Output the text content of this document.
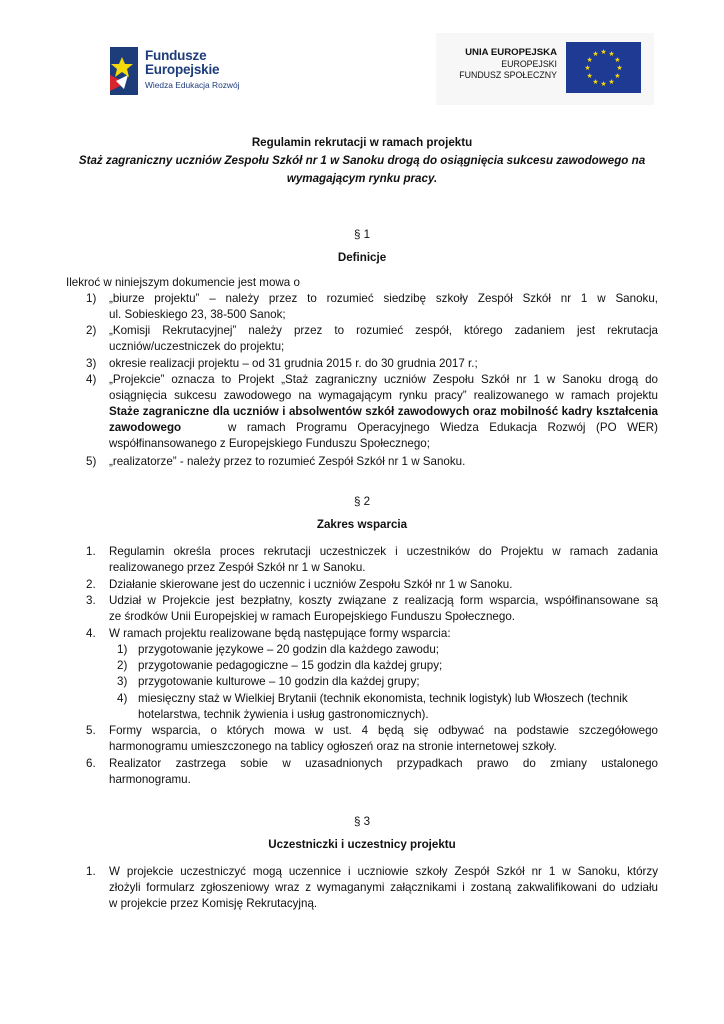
Fundusze
Europejskie
Wiedza Edukacja Rozwój
UNIA EUROPEJSKA
EUROPEJSKI
FUNDUSZ SPOŁECZNY
★ ★
★
★
★
★
★
★
★
★
★
★
Regulamin rekrutacji w ramach projektu
Staż zagraniczny uczniów Zespołu Szkół nr 1 w Sanoku drogą do osiągnięcia sukcesu zawodowego na
wymagającym rynku pracy.
§ 1
Definicje
Ilekroć w niniejszym dokumencie jest mowa o
1) „biurze projektu” – należy przez to rozumieć siedzibę szkoły Zespół Szkół nr 1 w Sanoku,
ul. Sobieskiego 23, 38-500 Sanok;
2) „Komisji Rekrutacyjnej” należy przez to rozumieć zespół, którego zadaniem jest rekrutacja
uczniów/uczestniczek do projektu;
3) okresie realizacji projektu – od 31 grudnia 2015 r. do 30 grudnia 2017 r.;
4) „Projekcie” oznacza to Projekt „Staż zagraniczny uczniów Zespołu Szkół nr 1 w Sanoku drogą do
osiągnięcia sukcesu zawodowego na wymagającym rynku pracy” realizowanego w ramach projektu
Staże zagraniczne dla uczniów i absolwentów szkół zawodowych oraz mobilność kadry kształcenia
zawodowego	w ramach Programu Operacyjnego Wiedza Edukacja Rozwój (PO WER)
współfinansowanego z Europejskiego Funduszu Społecznego;
5) „realizatorze” - należy przez to rozumieć Zespół Szkół nr 1 w Sanoku.
§ 2
Zakres wsparcia
1. Regulamin określa proces rekrutacji uczestniczek i uczestników do Projektu w ramach zadania
realizowanego przez Zespół Szkół nr 1 w Sanoku.
2. Działanie skierowane jest do uczennic i uczniów Zespołu Szkół nr 1 w Sanoku.
3. Udział w Projekcie jest bezpłatny, koszty związane z realizacją form wsparcia, współfinansowane są
ze środków Unii Europejskiej w ramach Europejskiego Funduszu Społecznego.
4. W ramach projektu realizowane będą następujące formy wsparcia:
1) przygotowanie językowe – 20 godzin dla każdego zawodu;
2) przygotowanie pedagogiczne – 15 godzin dla każdej grupy;
3) przygotowanie kulturowe – 10 godzin dla każdej grupy;
4) miesięczny staż w Wielkiej Brytanii (technik ekonomista, technik logistyk) lub Włoszech (technik
hotelarstwa, technik żywienia i usług gastronomicznych).
5. Formy wsparcia, o których mowa w ust. 4 będą się odbywać na podstawie szczegółowego
harmonogramu umieszczonego na tablicy ogłoszeń oraz na stronie internetowej szkoły.
6. Realizator zastrzega sobie w uzasadnionych przypadkach prawo do zmiany ustalonego
harmonogramu.
§ 3
Uczestniczki i uczestnicy projektu
1. W projekcie uczestniczyć mogą uczennice i uczniowie szkoły Zespół Szkół nr 1 w Sanoku, którzy
złożyli formularz zgłoszeniowy wraz z wymaganymi załącznikami i zostaną zakwalifikowani do udziału
w projekcie przez Komisję Rekrutacyjną.
